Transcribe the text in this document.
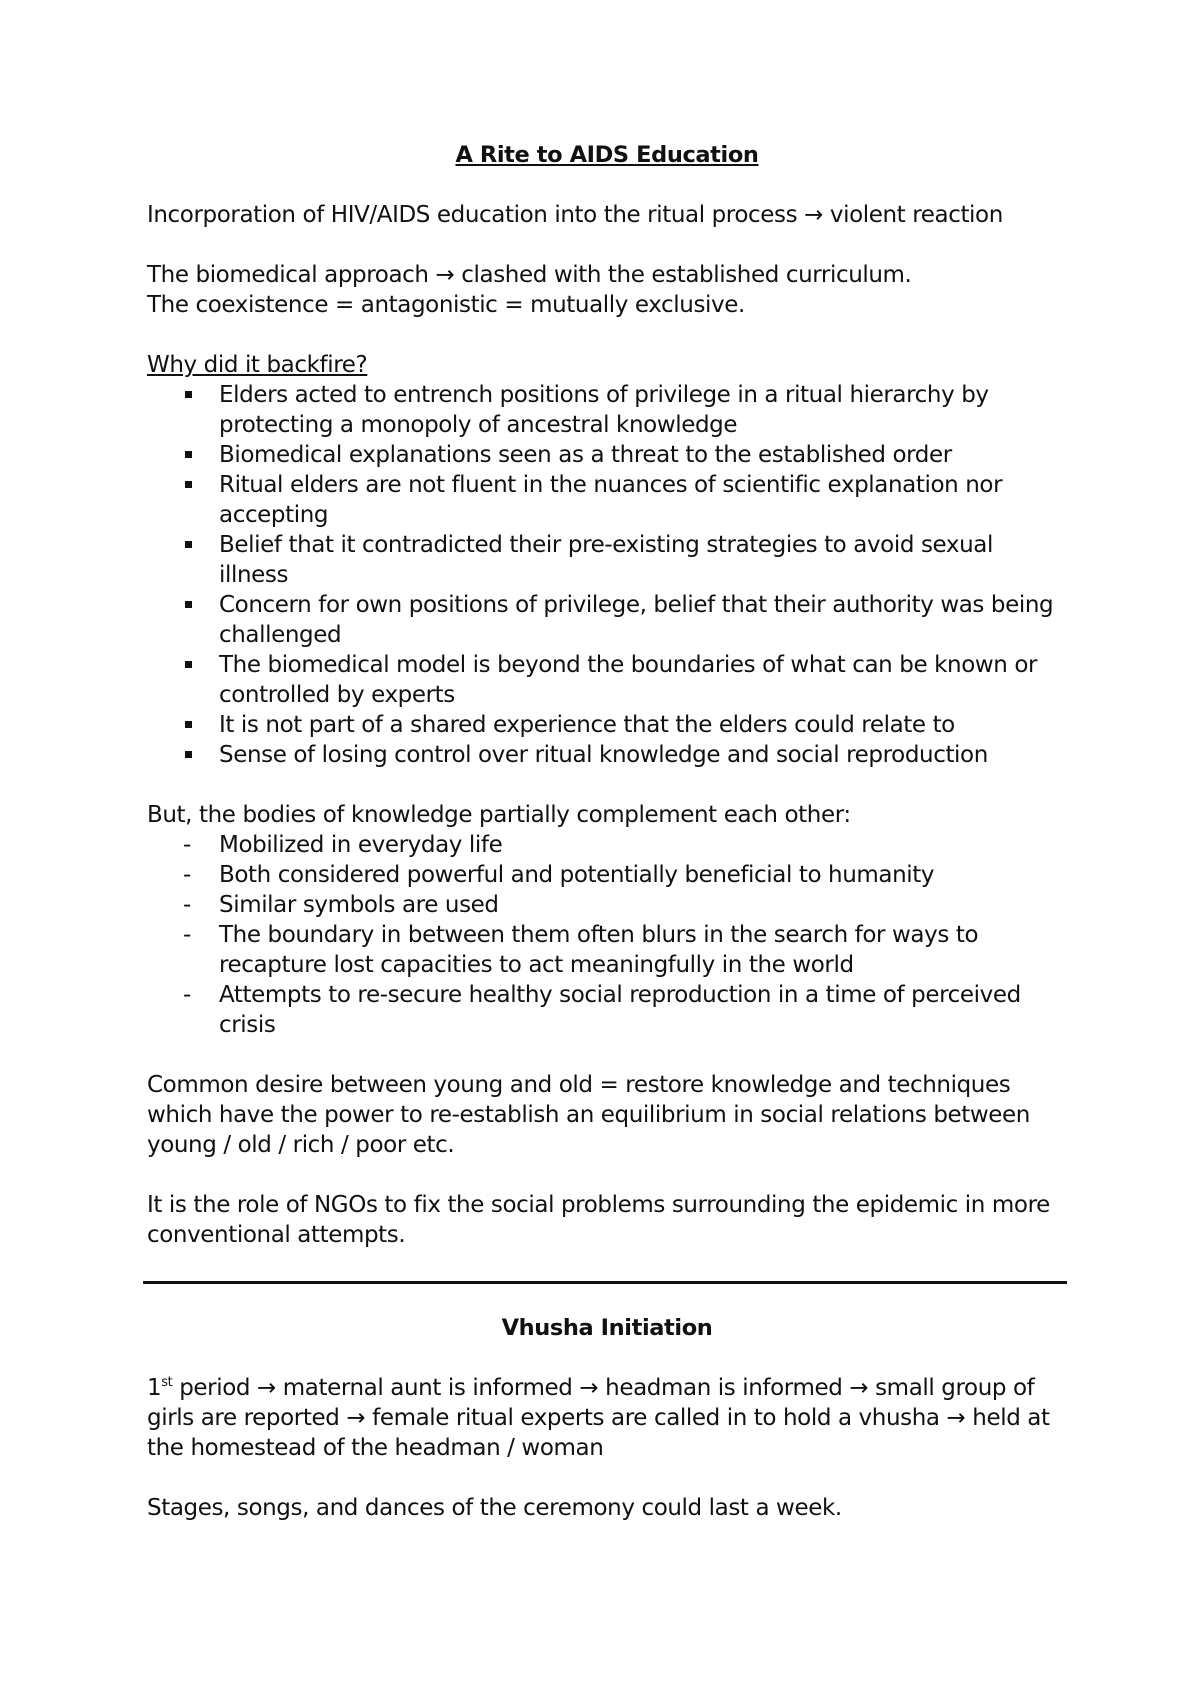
A Rite to AIDS Education

Incorporation of HIV/AIDS education into the ritual process → violent reaction

The biomedical approach → clashed with the established curriculum.

The coexistence = antagonistic = mutually exclusive.

Why did it backfire?

Elders acted to entrench positions of privilege in a ritual hierarchy by protecting a monopoly of ancestral knowledge
Biomedical explanations seen as a threat to the established order
Ritual elders are not fluent in the nuances of scientific explanation nor accepting
Belief that it contradicted their pre-existing strategies to avoid sexual illness
Concern for own positions of privilege, belief that their authority was being challenged
The biomedical model is beyond the boundaries of what can be known or controlled by experts
It is not part of a shared experience that the elders could relate to
Sense of losing control over ritual knowledge and social reproduction

But, the bodies of knowledge partially complement each other:

- Mobilized in everyday life
- Both considered powerful and potentially beneficial to humanity
- Similar symbols are used
- The boundary in between them often blurs in the search for ways to recapture lost capacities to act meaningfully in the world
- Attempts to re-secure healthy social reproduction in a time of perceived crisis

Common desire between young and old = restore knowledge and techniques which have the power to re-establish an equilibrium in social relations between young / old / rich / poor etc.

It is the role of NGOs to fix the social problems surrounding the epidemic in more conventional attempts.

Vhusha Initiation

1st period → maternal aunt is informed → headman is informed → small group of girls are reported → female ritual experts are called in to hold a vhusha → held at the homestead of the headman / woman

Stages, songs, and dances of the ceremony could last a week.
